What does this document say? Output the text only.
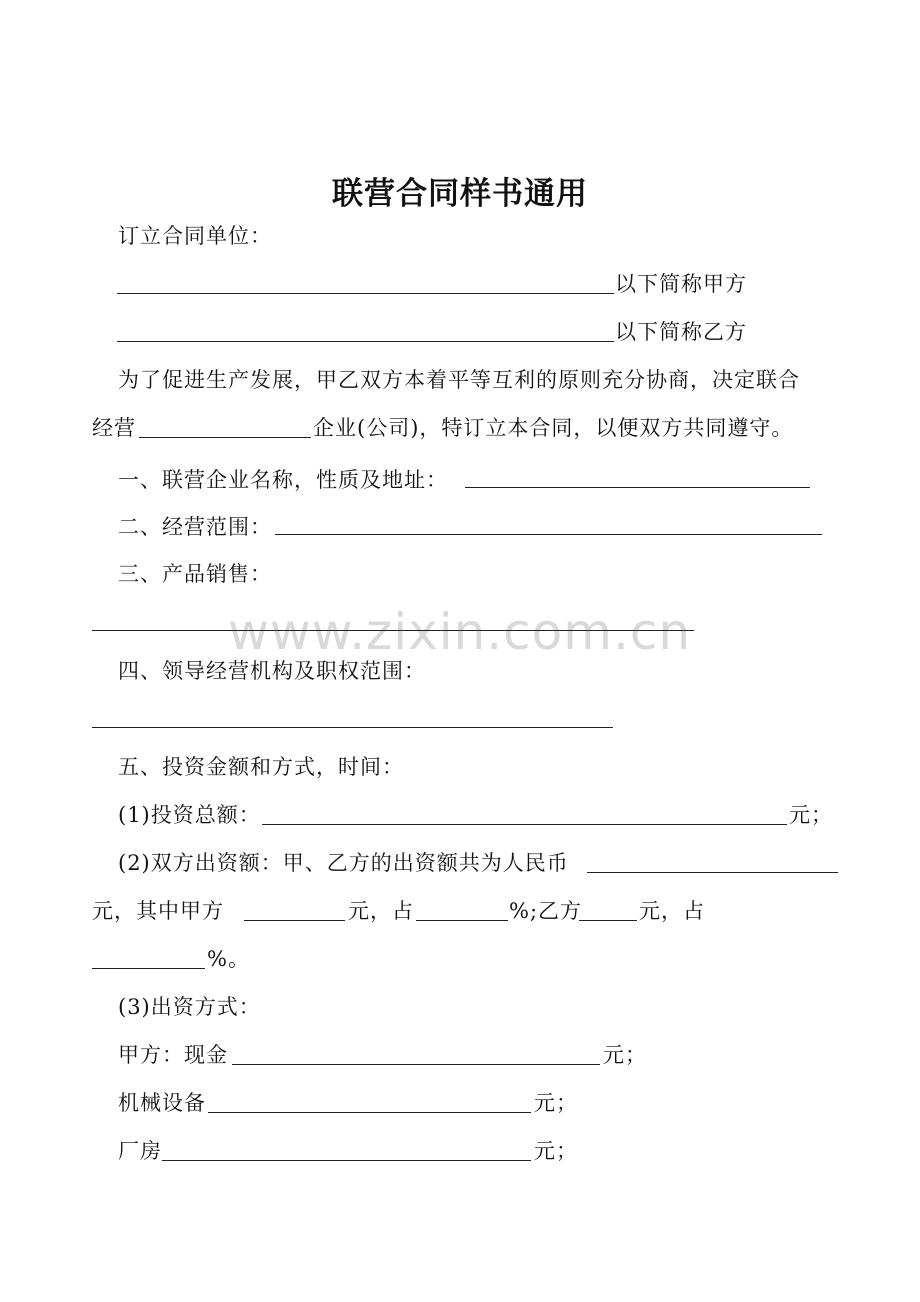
www.zixin.com.cn
联营合同样书通用
订立合同单位：
以下简称甲方
以下简称乙方
为了促进生产发展，甲乙双方本着平等互利的原则充分协商，决定联合
经营	企业(公司)，特订立本合同，以便双方共同遵守。
一、联营企业名称，性质及地址：
二、经营范围：
三、产品销售：
四、领导经营机构及职权范围：
五、投资金额和方式，时间：
(1)投资总额：	元；
(2)双方出资额：甲、乙方的出资额共为人民币
元，其中甲方	元，占	%;乙方	元，占
%。
(3)出资方式：
甲方：现金	元；
机械设备	元；
厂房	元；
